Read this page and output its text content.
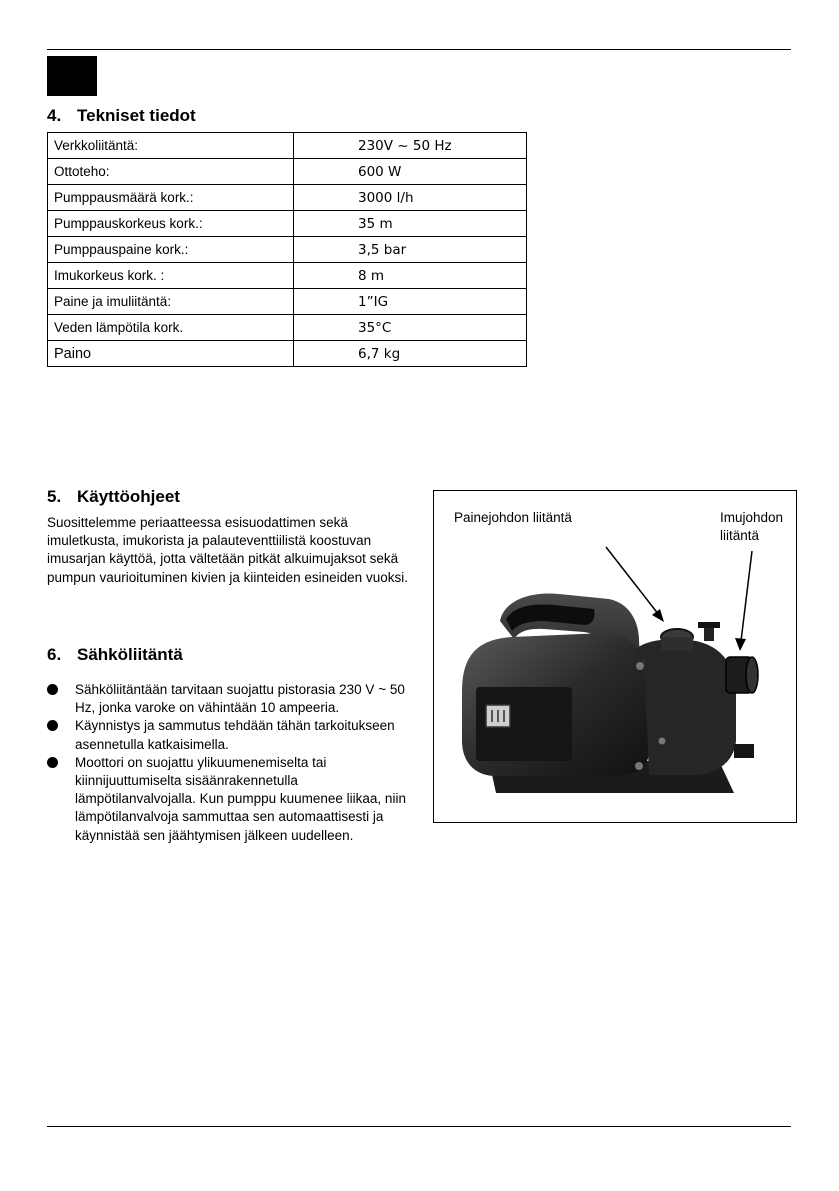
4. Tekniset tiedot
Verkkoliitäntä:	230V ~ 50 Hz
Ottoteho:	600 W
Pumppausmäärä kork.:	3000 l/h
Pumppauskorkeus kork.:	35 m
Pumppauspaine kork.:	3,5 bar
Imukorkeus kork. :	8 m
Paine ja imuliitäntä:	1”IG
Veden lämpötila kork.	35°C
Paino	6,7 kg
5. Käyttöohjeet

Suosittelemme periaatteessa esisuodattimen sekä imuletkusta, imukorista ja palauteventtiilistä koostuvan imusarjan käyttöä, jotta vältetään pitkät alkuimujaksot sekä pumpun vaurioituminen kivien ja kiinteiden esineiden vuoksi.

6. Sähköliitäntä
Sähköliitäntään tarvitaan suojattu pistorasia 230 V ~ 50 Hz, jonka varoke on vähintään 10 ampeeria.
Käynnistys ja sammutus tehdään tähän tarkoitukseen asennetulla katkaisimella.
Moottori on suojattu ylikuumenemiselta tai kiinnijuuttumiselta sisäänrakennetulla lämpötilanvalvojalla. Kun pumppu kuumenee liikaa, niin lämpötilanvalvoja sammuttaa sen automaattisesti ja käynnistää sen jäähtymisen jälkeen uudelleen.
Painejohdon liitäntä	Imujohdon liitäntä
